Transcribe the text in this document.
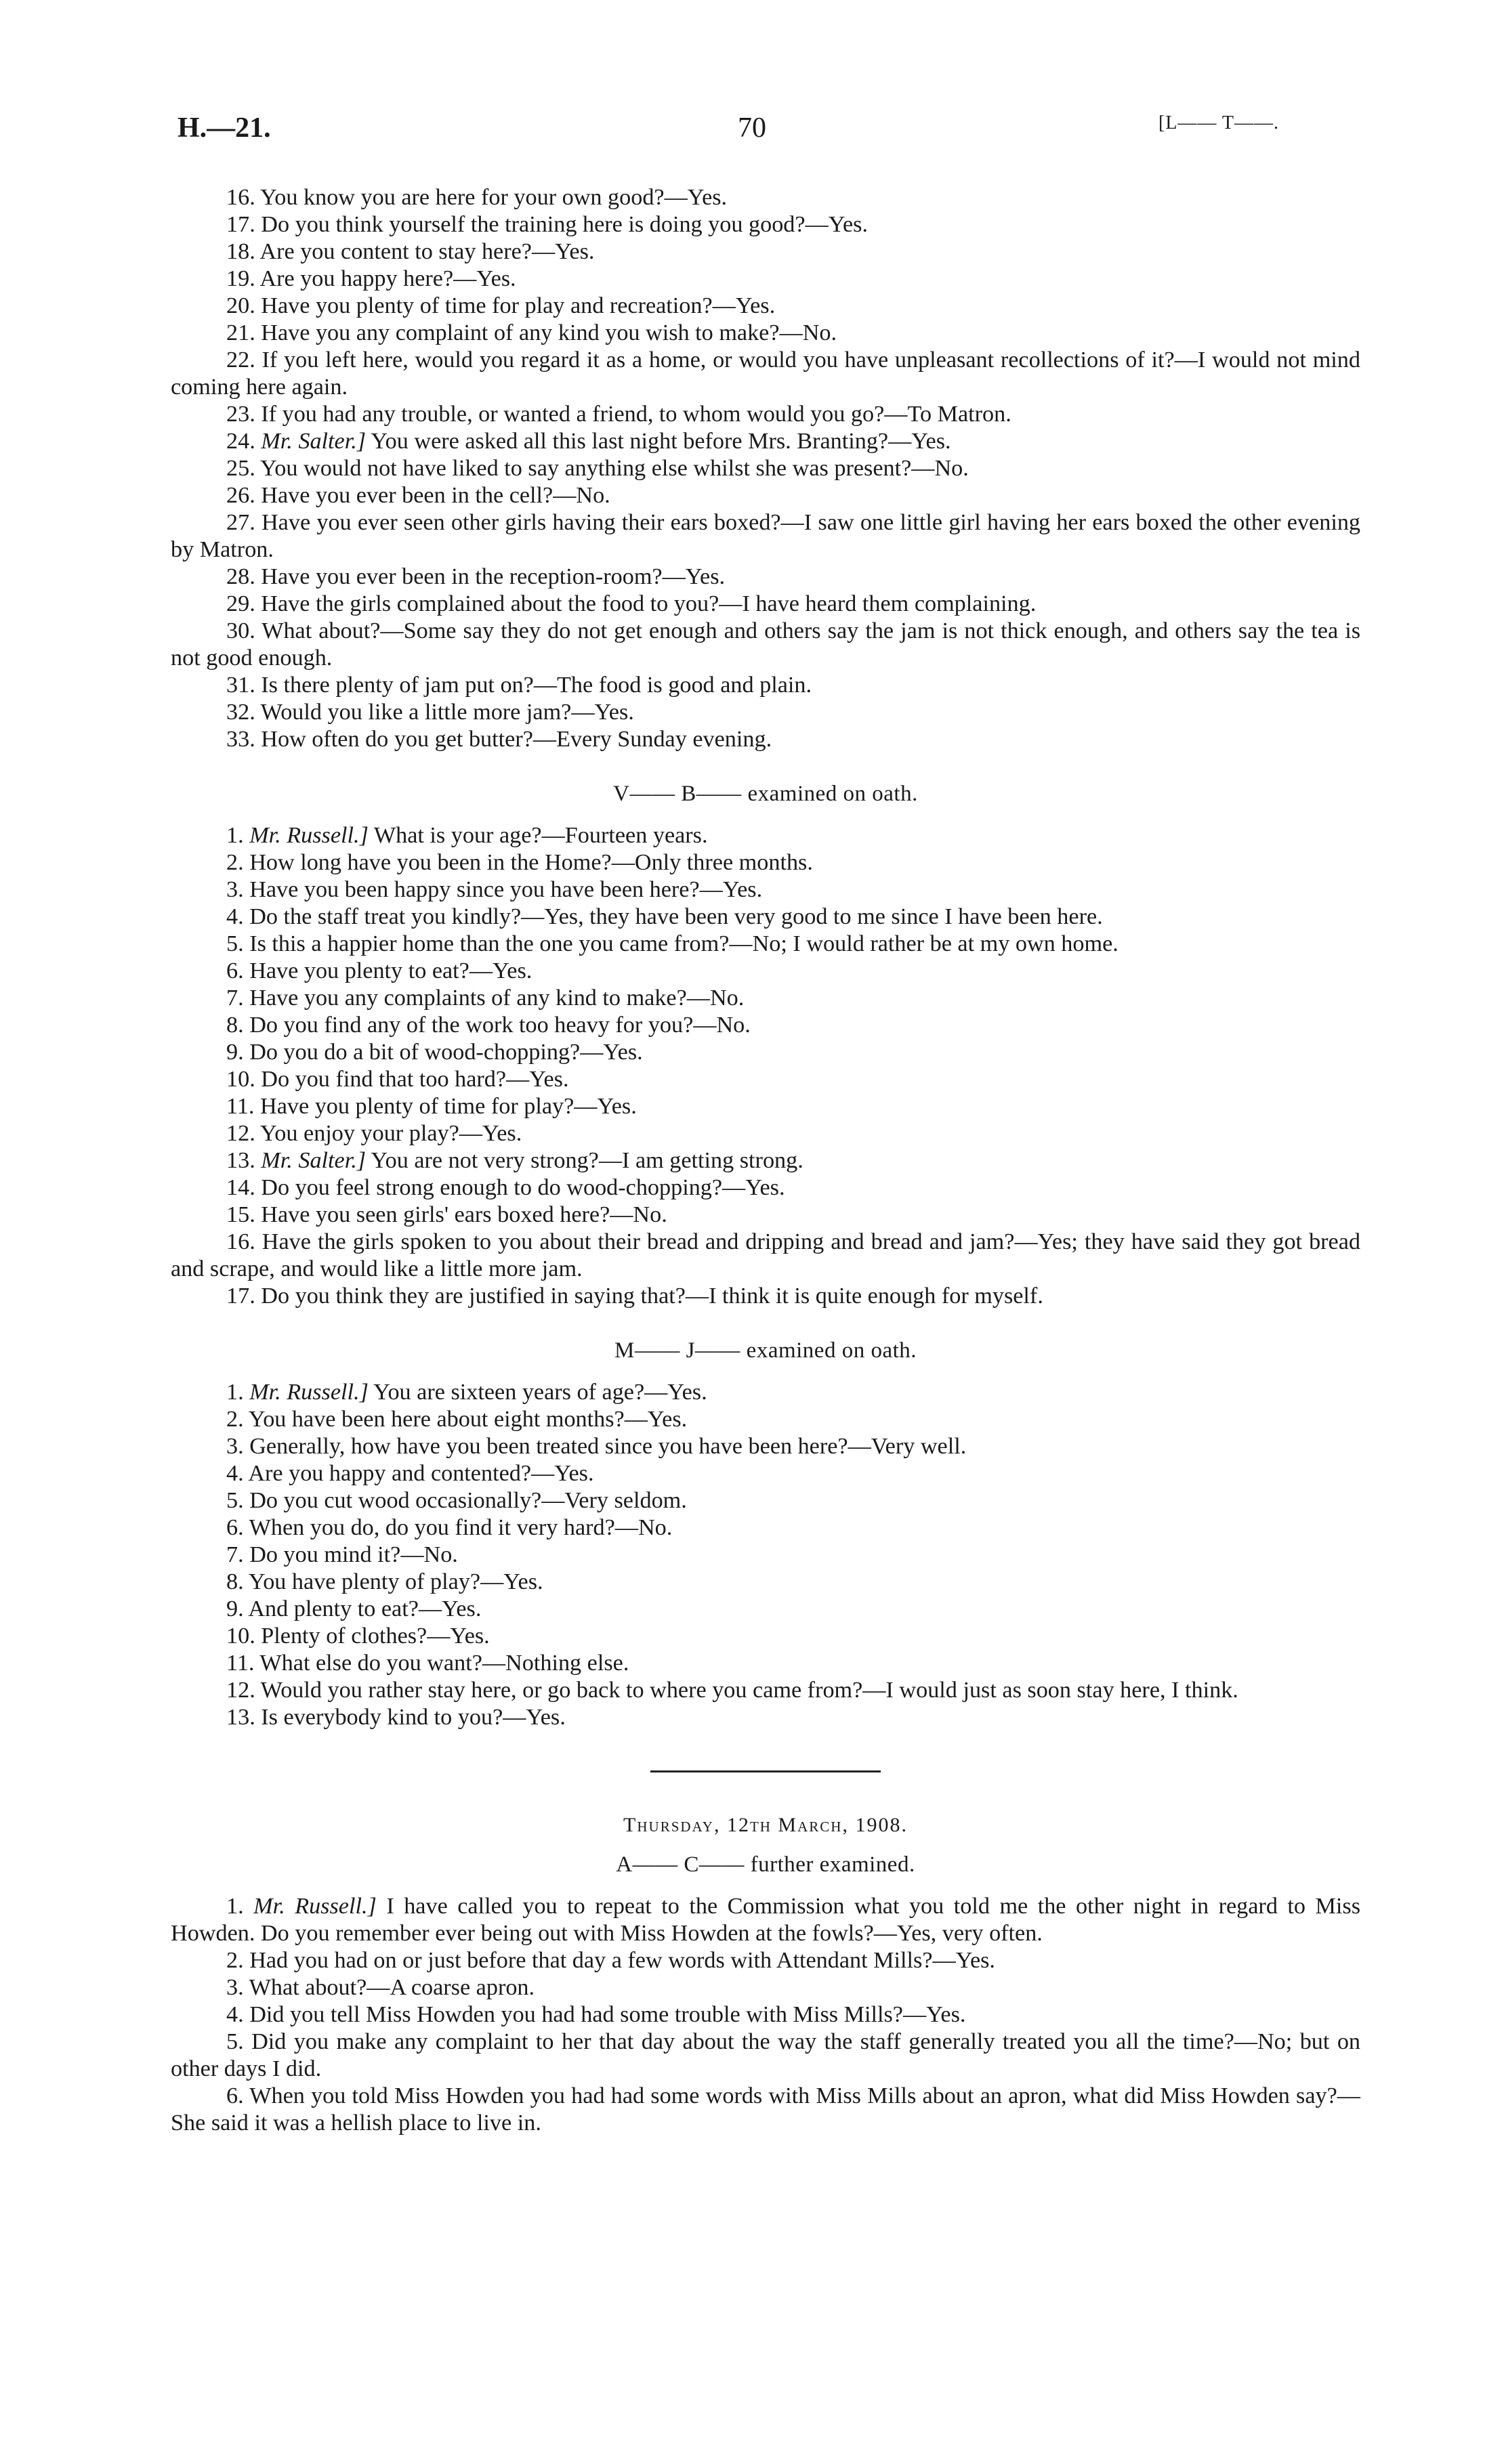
H.—21.	70	[L—— T——.

16. You know you are here for your own good?—Yes.

17. Do you think yourself the training here is doing you good?—Yes.

18. Are you content to stay here?—Yes.

19. Are you happy here?—Yes.

20. Have you plenty of time for play and recreation?—Yes.

21. Have you any complaint of any kind you wish to make?—No.

22. If you left here, would you regard it as a home, or would you have unpleasant recollections of it?—I would not mind coming here again.

23. If you had any trouble, or wanted a friend, to whom would you go?—To Matron.

24. Mr. Salter.] You were asked all this last night before Mrs. Branting?—Yes.

25. You would not have liked to say anything else whilst she was present?—No.

26. Have you ever been in the cell?—No.

27. Have you ever seen other girls having their ears boxed?—I saw one little girl having her ears boxed the other evening by Matron.

28. Have you ever been in the reception-room?—Yes.

29. Have the girls complained about the food to you?—I have heard them complaining.

30. What about?—Some say they do not get enough and others say the jam is not thick enough, and others say the tea is not good enough.

31. Is there plenty of jam put on?—The food is good and plain.

32. Would you like a little more jam?—Yes.

33. How often do you get butter?—Every Sunday evening.

V—— B—— examined on oath.

1. Mr. Russell.] What is your age?—Fourteen years.

2. How long have you been in the Home?—Only three months.

3. Have you been happy since you have been here?—Yes.

4. Do the staff treat you kindly?—Yes, they have been very good to me since I have been here.

5. Is this a happier home than the one you came from?—No; I would rather be at my own home.

6. Have you plenty to eat?—Yes.

7. Have you any complaints of any kind to make?—No.

8. Do you find any of the work too heavy for you?—No.

9. Do you do a bit of wood-chopping?—Yes.

10. Do you find that too hard?—Yes.

11. Have you plenty of time for play?—Yes.

12. You enjoy your play?—Yes.

13. Mr. Salter.] You are not very strong?—I am getting strong.

14. Do you feel strong enough to do wood-chopping?—Yes.

15. Have you seen girls' ears boxed here?—No.

16. Have the girls spoken to you about their bread and dripping and bread and jam?—Yes; they have said they got bread and scrape, and would like a little more jam.

17. Do you think they are justified in saying that?—I think it is quite enough for myself.

M—— J—— examined on oath.

1. Mr. Russell.] You are sixteen years of age?—Yes.

2. You have been here about eight months?—Yes.

3. Generally, how have you been treated since you have been here?—Very well.

4. Are you happy and contented?—Yes.

5. Do you cut wood occasionally?—Very seldom.

6. When you do, do you find it very hard?—No.

7. Do you mind it?—No.

8. You have plenty of play?—Yes.

9. And plenty to eat?—Yes.

10. Plenty of clothes?—Yes.

11. What else do you want?—Nothing else.

12. Would you rather stay here, or go back to where you came from?—I would just as soon stay here, I think.

13. Is everybody kind to you?—Yes.

Thursday, 12th March, 1908.
A—— C—— further examined.

1. Mr. Russell.] I have called you to repeat to the Commission what you told me the other night in regard to Miss Howden. Do you remember ever being out with Miss Howden at the fowls?—Yes, very often.

2. Had you had on or just before that day a few words with Attendant Mills?—Yes.

3. What about?—A coarse apron.

4. Did you tell Miss Howden you had had some trouble with Miss Mills?—Yes.

5. Did you make any complaint to her that day about the way the staff generally treated you all the time?—No; but on other days I did.

6. When you told Miss Howden you had had some words with Miss Mills about an apron, what did Miss Howden say?—She said it was a hellish place to live in.
